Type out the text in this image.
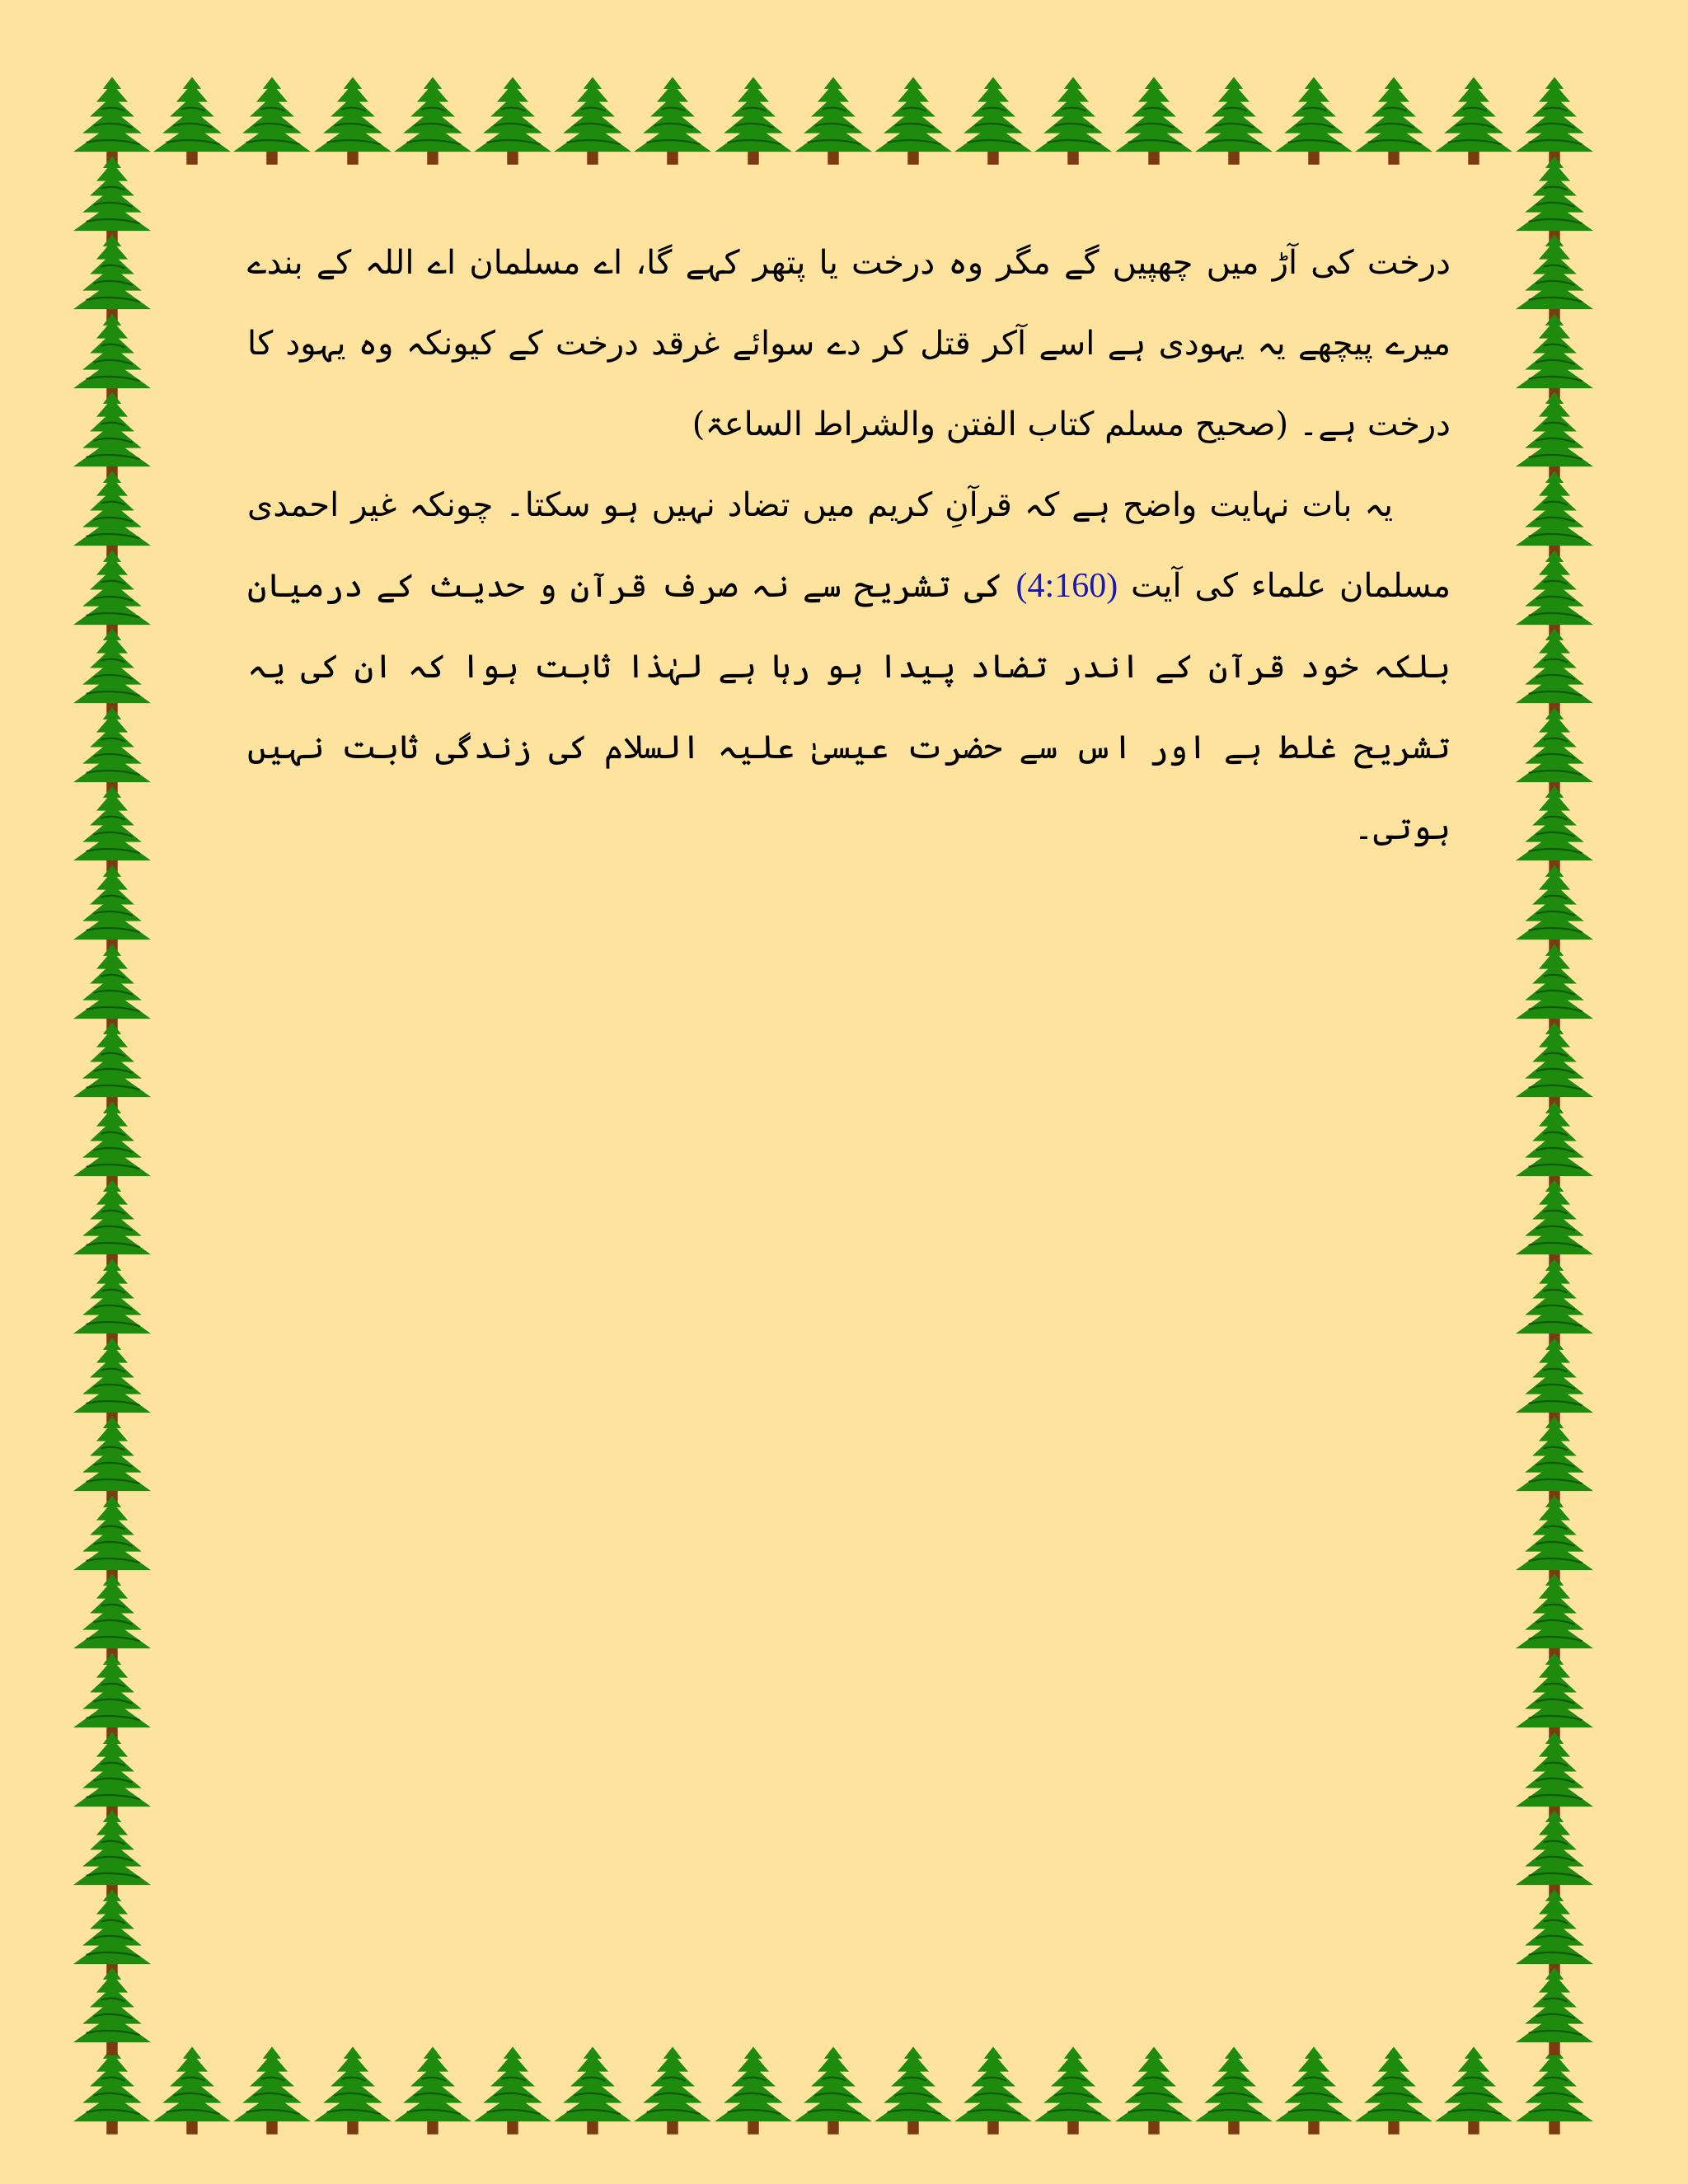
درخت کی آڑ میں چھپیں گے مگر وہ درخت یا پتھر کہے گا، اے مسلمان اے اللہ کے بندے میرے پیچھے یہ یہودی ہے اسے آکر قتل کر دے سوائے غرقد درخت کے کیونکہ وہ یہود کا درخت ہے۔ (صحیح مسلم کتاب الفتن والشراط الساعۃ)

یہ بات نہایت واضح ہے کہ قرآنِ کریم میں تضاد نہیں ہو سکتا۔ چونکہ غیر احمدی مسلمان علماء کی آیت (4:160) کی تشریح سے نہ صرف قرآن و حدیث کے درمیان بلکہ خود قرآن کے اندر تضاد پیدا ہو رہا ہے لہٰذا ثابت ہوا کہ ان کی یہ تشریح غلط ہے اور اس سے حضرت عیسیٰ علیہ السلام کی زندگی ثابت نہیں ہوتی۔
